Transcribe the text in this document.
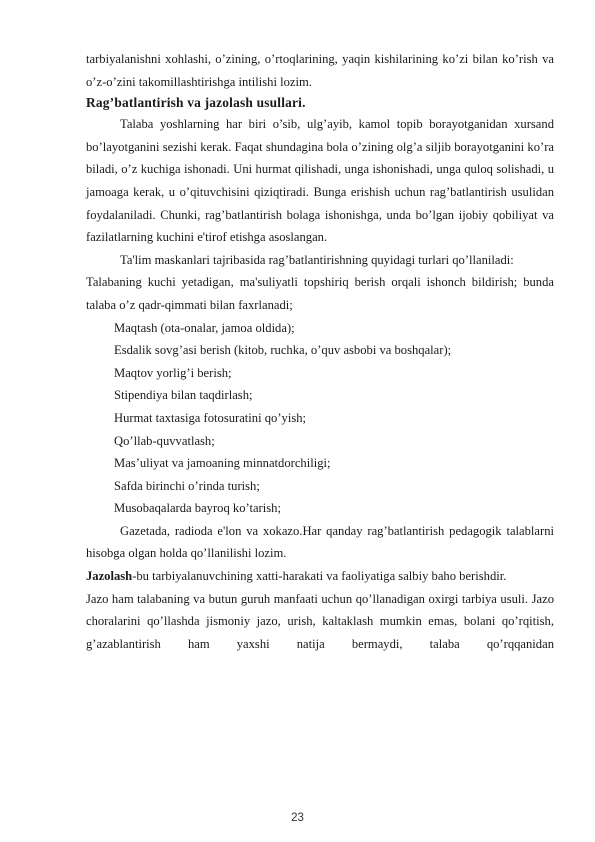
tarbiyalanishni xohlashi, o’zining, o’rtoqlarining, yaqin kishilarining ko’zi bilan ko’rish va o’z-o’zini takomillashtirishga intilishi lozim.

Rag’batlantirish va jazolash usullari.

Talaba yoshlarning har biri o’sib, ulg’ayib, kamol topib borayotganidan xursand bo’layotganini sezishi kerak. Faqat shundagina bola o’zining olg’a siljib borayotganini ko’ra biladi, o’z kuchiga ishonadi. Uni hurmat qilishadi, unga ishonishadi, unga quloq solishadi, u jamoaga kerak, u o’qituvchisini qiziqtiradi. Bunga erishish uchun rag’batlantirish usulidan foydalaniladi. Chunki, rag’batlantirish bolaga ishonishga, unda bo’lgan ijobiy qobiliyat va fazilatlarning kuchini e'tirof etishga asoslangan.

Ta'lim maskanlari tajribasida rag’batlantirishning quyidagi turlari qo’llaniladi:

Talabaning kuchi yetadigan, ma'suliyatli topshiriq berish orqali ishonch bildirish; bunda talaba o’z qadr-qimmati bilan faxrlanadi;

Maqtash (ota-onalar, jamoa oldida);
Esdalik sovg’asi berish (kitob, ruchka, o’quv asbobi va boshqalar);
Maqtov yorlig’i berish;
Stipendiya bilan taqdirlash;
Hurmat taxtasiga fotosuratini qo’yish;
Qo’llab-quvvatlash;
Mas’uliyat va jamoaning minnatdorchiligi;
Safda birinchi o’rinda turish;
Musobaqalarda bayroq ko’tarish;

Gazetada, radioda e'lon va xokazo.Har qanday rag’batlantirish pedagogik talablarni hisobga olgan holda qo’llanilishi lozim.

Jazolash-bu tarbiyalanuvchining xatti-harakati va faoliyatiga salbiy baho berishdir.

Jazo ham talabaning va butun guruh manfaati uchun qo’llanadigan oxirgi tarbiya usuli. Jazo choralarini qo’llashda jismoniy jazo, urish, kaltaklash mumkin emas, bolani qo’rqitish, g’azablantirish ham yaxshi natija bermaydi, talaba qo’rqqanidan

23
